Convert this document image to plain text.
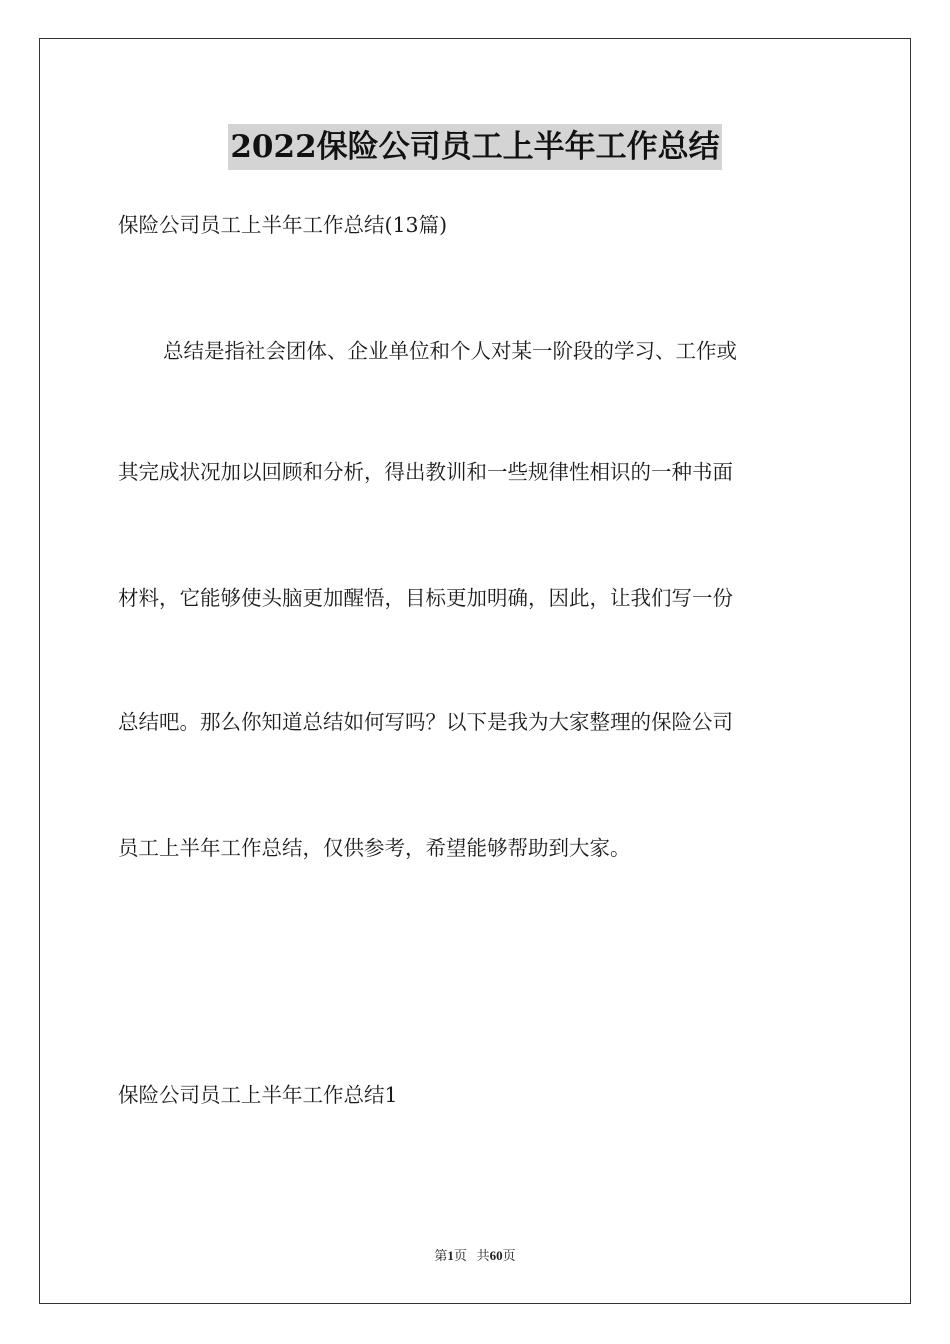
2022保险公司员工上半年工作总结
保险公司员工上半年工作总结(13篇)
总结是指社会团体、企业单位和个人对某一阶段的学习、工作或
其完成状况加以回顾和分析，得出教训和一些规律性相识的一种书面
材料，它能够使头脑更加醒悟，目标更加明确，因此，让我们写一份
总结吧。那么你知道总结如何写吗？以下是我为大家整理的保险公司
员工上半年工作总结，仅供参考，希望能够帮助到大家。
保险公司员工上半年工作总结1
第1页 共60页
